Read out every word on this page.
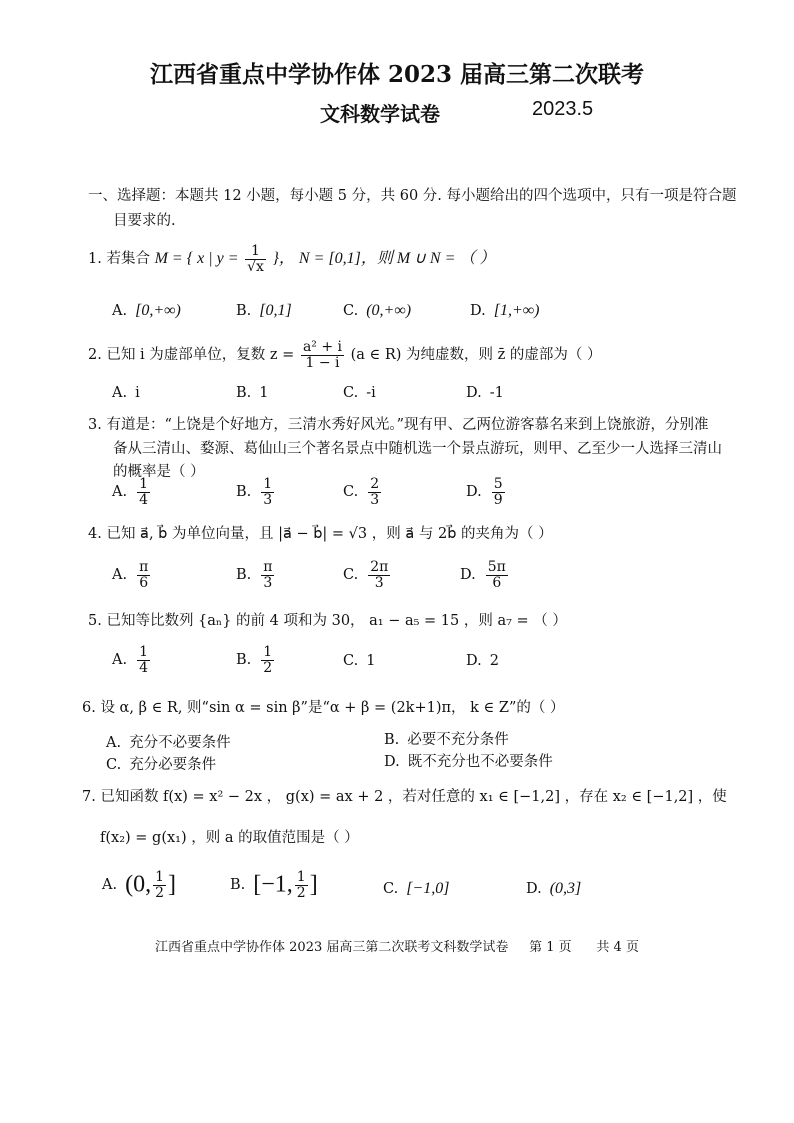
江西省重点中学协作体 2023 届高三第二次联考
文科数学试卷	2023.5
一、选择题：本题共 12 小题，每小题 5 分，共 60 分. 每小题给出的四个选项中，只有一项是符合题
目要求的.
1. 若集合 M = { x | $y = \frac{1}{√x}$ }， N = [0,1]，则 M ∪ N = （ ）
A. [0,+∞)	B. [0,1]	C. (0,+∞)	D. [1,+∞)
2. 已知 i 为虚部单位，复数 $z = \frac{\text{a² + i}}{1 - i} (a$ ∈ R) 为纯虚数，则 z̄ 的虚部为（ ）
A. i	B. 1	C. -i	D. -1
3. 有道是：“上饶是个好地方，三清水秀好风光。”现有甲、乙两位游客慕名来到上饶旅游，分别准
备从三清山、婺源、葛仙山三个著名景点中随机选一个景点游玩，则甲、乙至少一人选择三清山
的概率是（ ）
A. $\frac{1}{4}$	B. $\frac{1}{3}$	C. $\frac{2}{3}$	D. $\frac{5}{9}$
4. 已知 a⃗, b⃗ 为单位向量，且 |a⃗ − b⃗| = √3 ，则 a⃗ 与 2b⃗ 的夹角为（ ）
A. $\frac{\pi}{6}$	B. $\frac{\pi}{3}$	C. $\frac{2\pi}{3}$	D. $\frac{5\pi}{6}$
5. 已知等比数列 {aₙ} 的前 4 项和为 30， a₁ − a₅ = 15 ，则 a₇ = （ ）
A. $\frac{1}{4}$	B. $\frac{1}{2}$	C. 1	D. 2
6. 设 α, β ∈ R, 则“sin α = sin β”是“α + β = (2k+1)π， k ∈ Z”的（ ）
A. 充分不必要条件	B. 必要不充分条件
C. 充分必要条件	D. 既不充分也不必要条件
7. 已知函数 f(x) = x² − 2x ， g(x) = ax + 2 ，若对任意的 x₁ ∈ [−1,2] ，存在 x₂ ∈ [−1,2] ，使
f(x₂) = g(x₁) ，则 a 的取值范围是（ ）
A. (0, $\frac{1}{2}$ ]	B. [−1, $\frac{1}{2}$ ]	C. [−1,0]	D. (0,3]
江西省重点中学协作体 2023 届高三第二次联考文科数学试卷 第 1 页 共 4 页
